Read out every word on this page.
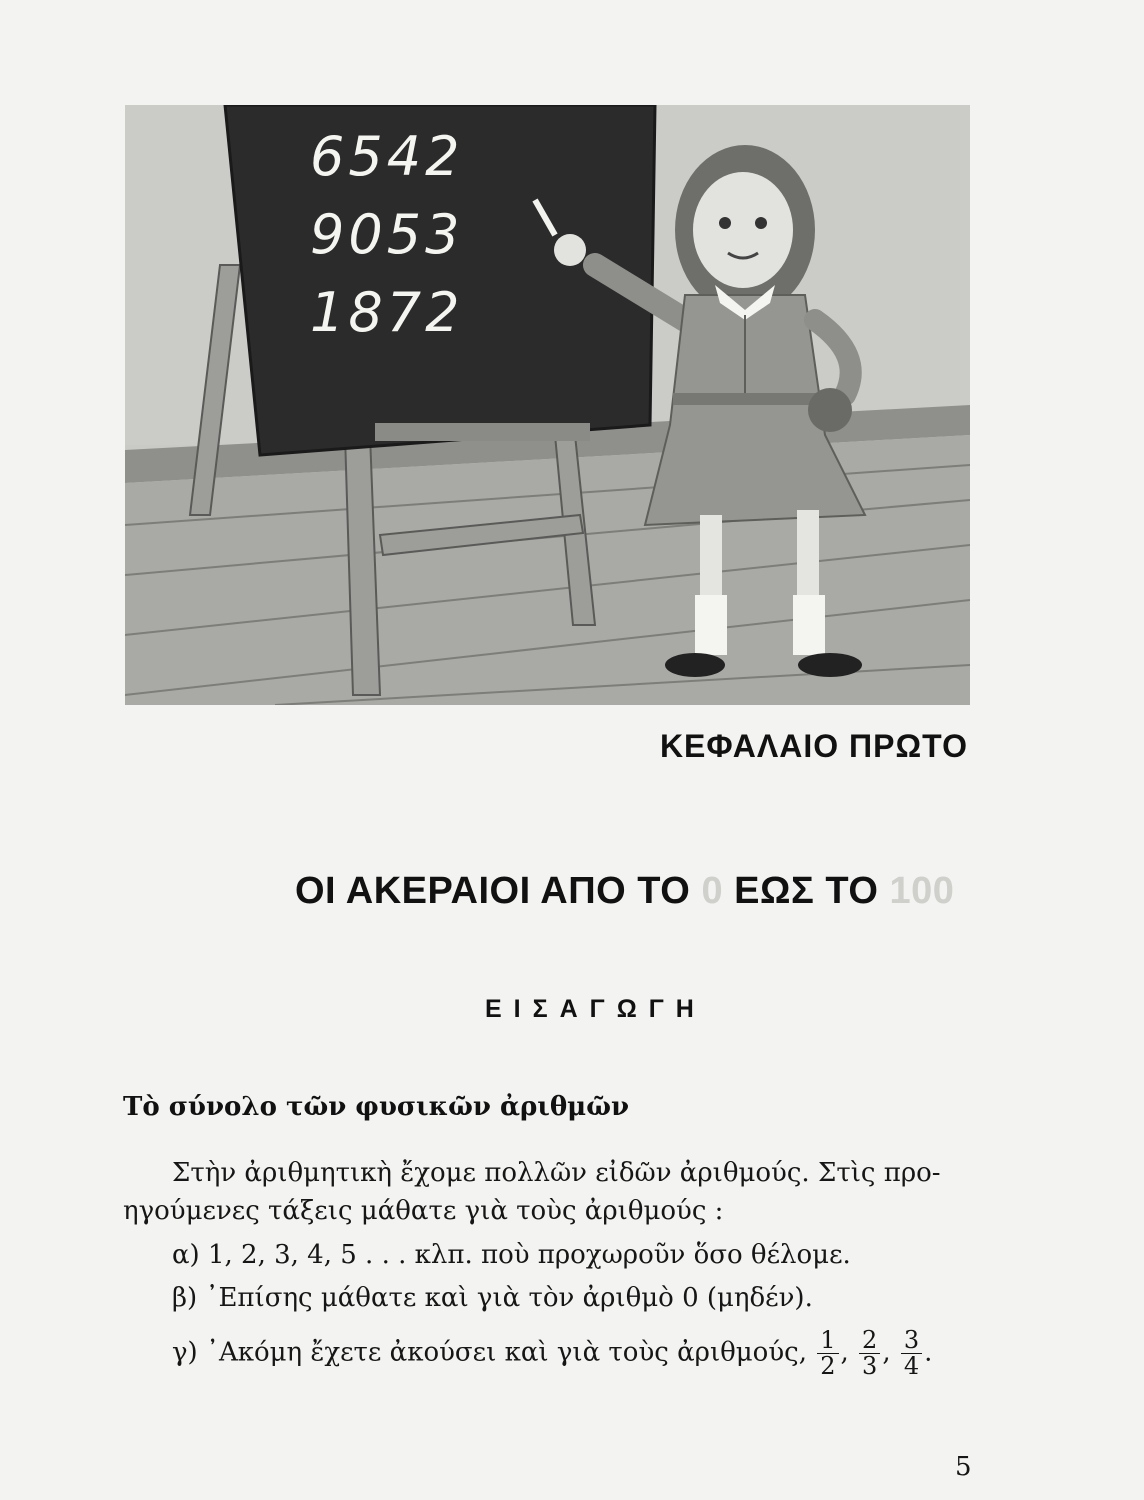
6542
9053
1872
ΚΕΦΑΛΑΙΟ ΠΡΩΤΟ
ΟΙ ΑΚΕΡΑΙΟΙ ΑΠΟ ΤΟ 0 ΕΩΣ ΤΟ 100
ΕΙΣΑΓΩΓΗ
Τὸ σύνολο τῶν φυσικῶν ἀριθμῶν

Στὴν ἀριθμητικὴ ἔχομε πολλῶν εἰδῶν ἀριθμούς. Στὶς προ-

ηγούμενες τάξεις μάθατε γιὰ τοὺς ἀριθμούς :

α) 1, 2, 3, 4, 5 . . . κλπ. ποὺ προχωροῦν ὅσο θέλομε.

β) ᾿Επίσης μάθατε καὶ γιὰ τὸν ἀριθμὸ 0 (μηδέν).

γ) ᾿Ακόμη ἔχετε ἀκούσει καὶ γιὰ τοὺς ἀριθμούς, $\frac{1}{2}$ , $\frac{2}{3}$ , $\frac{3}{4}$ .

5
